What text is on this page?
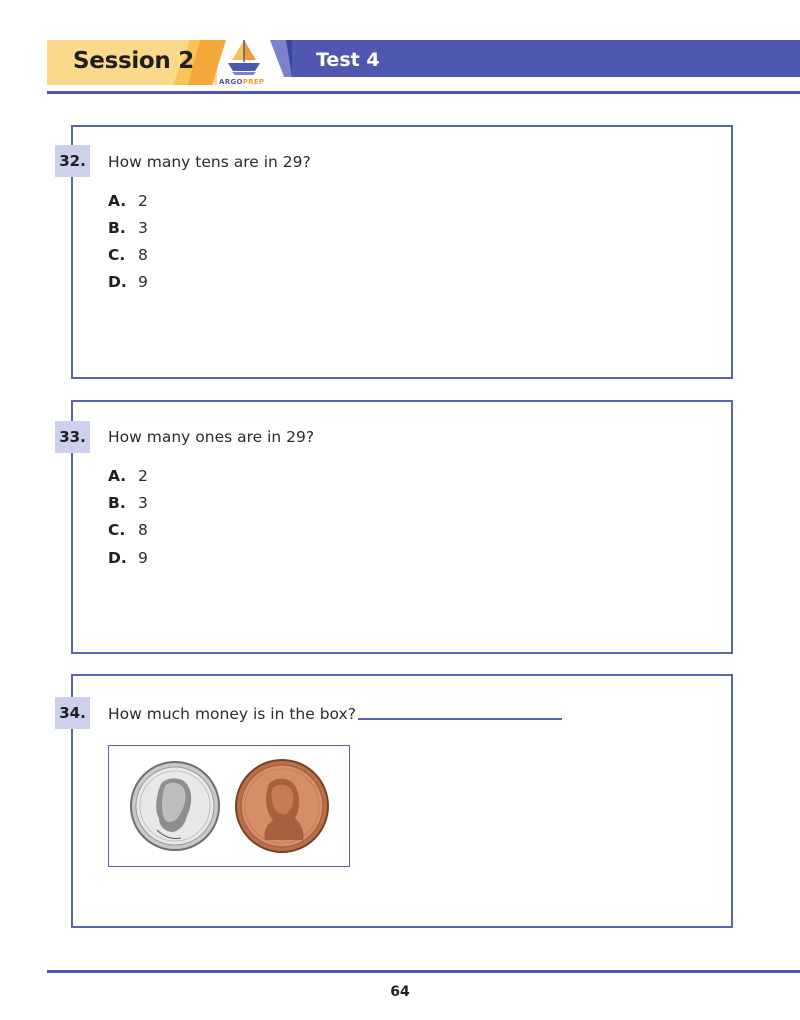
Session 2
ARGOPREP
Test 4
32. How many tens are in 29?
A. 2
B. 3
C. 8
D. 9
33. How many ones are in 29?
A. 2
B. 3
C. 8
D. 9
34. How much money is in the box?
64
